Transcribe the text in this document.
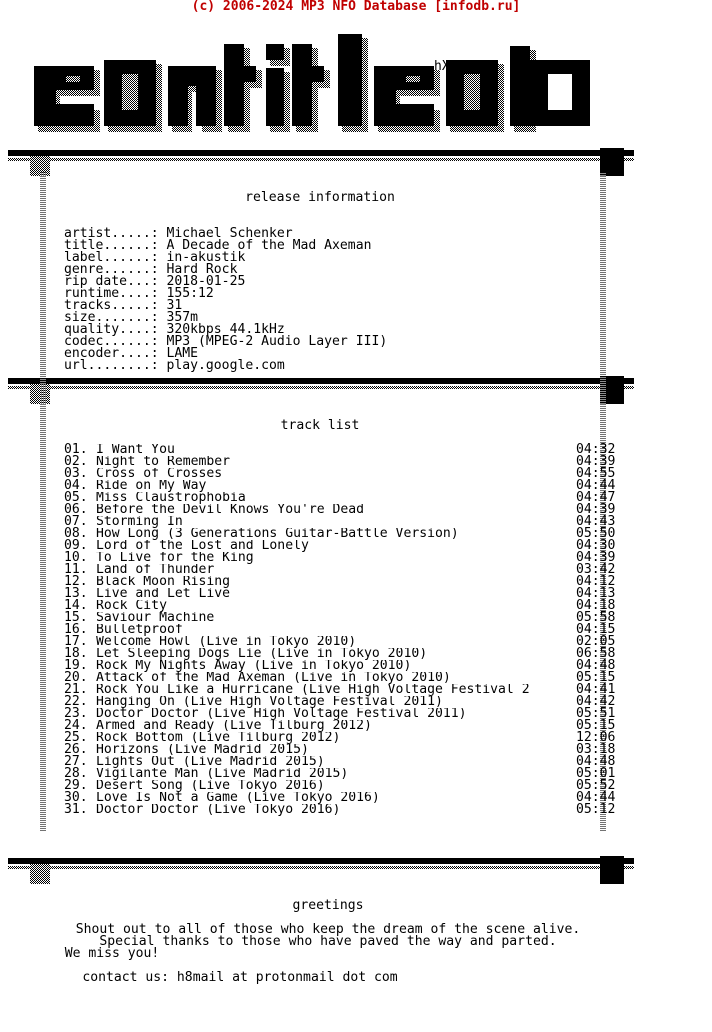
(c) 2006-2024 MP3 NFO Database [infodb.ru]
hX!
release information
artist.....: Michael Schenker
title......: A Decade of the Mad Axeman
label......: in-akustik
genre......: Hard Rock
rip date...: 2018-01-25
runtime....: 155:12
tracks.....: 31
size.......: 357m
quality....: 320kbps 44.1kHz
codec......: MP3 (MPEG-2 Audio Layer III)
encoder....: LAME
url........: play.google.com
track list
01. I Want You	04:32
02. Night to Remember	04:39
03. Cross of Crosses	04:55
04. Ride on My Way	04:44
05. Miss Claustrophobia	04:47
06. Before the Devil Knows You're Dead	04:39
07. Storming In	04:43
08. How Long (3 Generations Guitar-Battle Version)	05:50
09. Lord of the Lost and Lonely	04:30
10. To Live for the King	04:39
11. Land of Thunder	03:42
12. Black Moon Rising	04:12
13. Live and Let Live	04:13
14. Rock City	04:18
15. Saviour Machine	05:58
16. Bulletproof	04:15
17. Welcome Howl (Live in Tokyo 2010)	02:05
18. Let Sleeping Dogs Lie (Live in Tokyo 2010)	06:58
19. Rock My Nights Away (Live in Tokyo 2010)	04:48
20. Attack of the Mad Axeman (Live in Tokyo 2010)	05:15
21. Rock You Like a Hurricane (Live High Voltage Festival 2	04:41
22. Hanging On (Live High Voltage Festival 2011)	04:42
23. Doctor Doctor (Live High Voltage Festival 2011)	05:51
24. Armed and Ready (Live Tilburg 2012)	05:15
25. Rock Bottom (Live Tilburg 2012)	12:06
26. Horizons (Live Madrid 2015)	03:18
27. Lights Out (Live Madrid 2015)	04:48
28. Vigilante Man (Live Madrid 2015)	05:01
29. Desert Song (Live Tokyo 2016)	05:52
30. Love Is Not a Game (Live Tokyo 2016)	04:44
31. Doctor Doctor (Live Tokyo 2016)	05:12
greetings
Shout out to all of those who keep the dream of the scene alive.
Special thanks to those who have paved the way and parted.
We miss you!
contact us: h8mail at protonmail dot com
